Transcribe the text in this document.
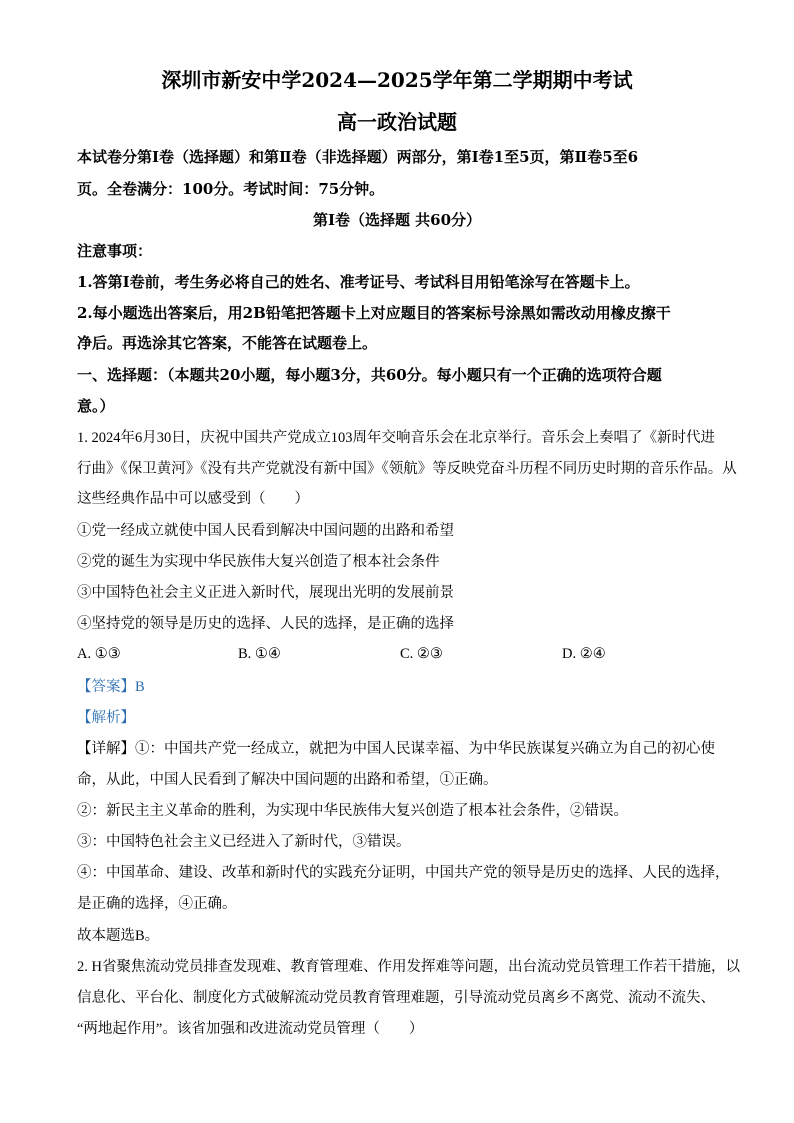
深圳市新安中学2024—2025学年第二学期期中考试
高一政治试题
本试卷分第Ⅰ卷（选择题）和第Ⅱ卷（非选择题）两部分，第Ⅰ卷1至5页，第Ⅱ卷5至6
页。全卷满分：100分。考试时间：75分钟。
第Ⅰ卷（选择题 共60分）
注意事项：
1.答第Ⅰ卷前，考生务必将自己的姓名、准考证号、考试科目用铅笔涂写在答题卡上。
2.每小题选出答案后，用2B铅笔把答题卡上对应题目的答案标号涂黑如需改动用橡皮擦干
净后。再选涂其它答案，不能答在试题卷上。
一、选择题：（本题共20小题，每小题3分，共60分。每小题只有一个正确的选项符合题
意。）
1. 2024年6月30日，庆祝中国共产党成立103周年交响音乐会在北京举行。音乐会上奏唱了《新时代进
行曲》《保卫黄河》《没有共产党就没有新中国》《领航》等反映党奋斗历程不同历史时期的音乐作品。从
这些经典作品中可以感受到（　　）
①党一经成立就使中国人民看到解决中国问题的出路和希望
②党的诞生为实现中华民族伟大复兴创造了根本社会条件
③中国特色社会主义正进入新时代，展现出光明的发展前景
④坚持党的领导是历史的选择、人民的选择，是正确的选择
A. ①③	B. ①④	C. ②③	D. ②④
【答案】B
【解析】
【详解】①：中国共产党一经成立，就把为中国人民谋幸福、为中华民族谋复兴确立为自己的初心使
命，从此，中国人民看到了解决中国问题的出路和希望，①正确。
②：新民主主义革命的胜利，为实现中华民族伟大复兴创造了根本社会条件，②错误。
③：中国特色社会主义已经进入了新时代，③错误。
④：中国革命、建设、改革和新时代的实践充分证明，中国共产党的领导是历史的选择、人民的选择，
是正确的选择，④正确。
故本题选B。
2. H省聚焦流动党员排查发现难、教育管理难、作用发挥难等问题，出台流动党员管理工作若干措施，以
信息化、平台化、制度化方式破解流动党员教育管理难题，引导流动党员离乡不离党、流动不流失、
“两地起作用”。该省加强和改进流动党员管理（　　）
